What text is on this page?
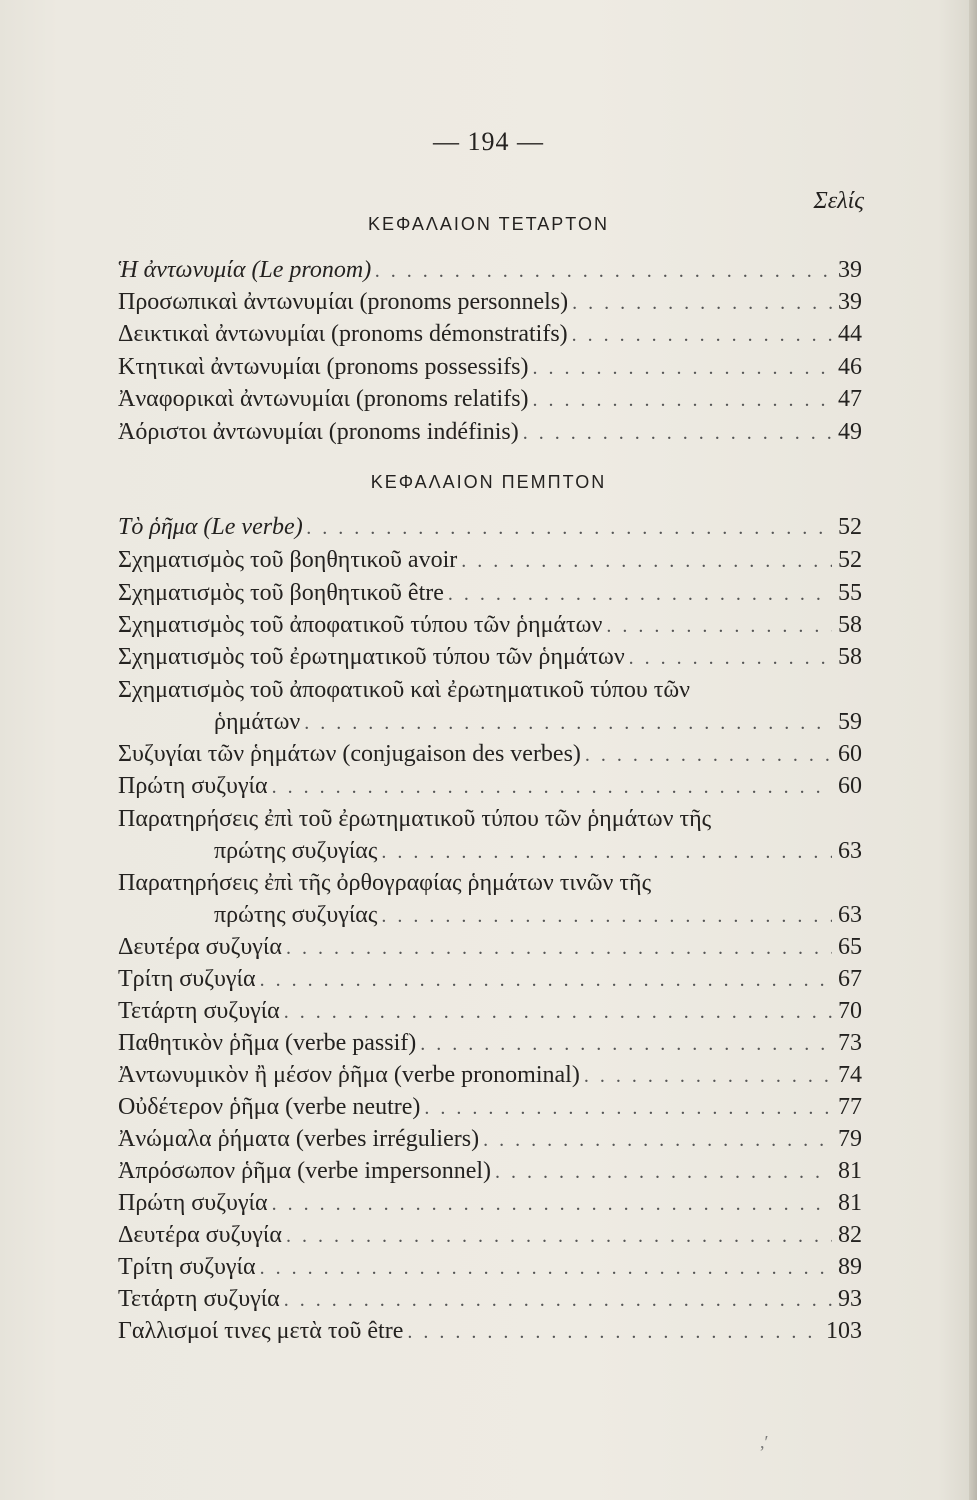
— 194 —
Σελίς
ΚΕΦΑΛΑΙΟΝ ΤΕΤΑΡΤΟΝ
Ἡ ἀντωνυμία (Le pronom) . . .	39
Προσωπικαὶ ἀντωνυμίαι (pronoms personnels) . . .	39
Δεικτικαὶ ἀντωνυμίαι (pronoms démonstratifs) . . .	44
Κτητικαὶ ἀντωνυμίαι (pronoms possessifs) . . .	46
Ἀναφορικαὶ ἀντωνυμίαι (pronoms relatifs) . . .	47
Ἀόριστοι ἀντωνυμίαι (pronoms indéfinis) . . .	49
ΚΕΦΑΛΑΙΟΝ ΠΕΜΠΤΟΝ
Τὸ ῥῆμα (Le verbe) . . .	52
Σχηματισμὸς τοῦ βοηθητικοῦ avoir . . .	52
Σχηματισμὸς τοῦ βοηθητικοῦ être . . .	55
Σχηματισμὸς τοῦ ἀποφατικοῦ τύπου τῶν ῥημάτων . . .	58
Σχηματισμὸς τοῦ ἐρωτηματικοῦ τύπου τῶν ῥημάτων . . .	58
Σχηματισμὸς τοῦ ἀποφατικοῦ καὶ ἐρωτηματικοῦ τύπου τῶν
ῥημάτων . . .	59
Συζυγίαι τῶν ῥημάτων (conjugaison des verbes) . . .	60
Πρώτη συζυγία . . .	60
Παρατηρήσεις ἐπὶ τοῦ ἐρωτηματικοῦ τύπου τῶν ῥημάτων τῆς
πρώτης συζυγίας . . .	63
Παρατηρήσεις ἐπὶ τῆς ὀρθογραφίας ῥημάτων τινῶν τῆς
πρώτης συζυγίας . . .	63
Δευτέρα συζυγία . . .	65
Τρίτη συζυγία . . .	67
Τετάρτη συζυγία . . .	70
Παθητικὸν ῥῆμα (verbe passif) . . .	73
Ἀντωνυμικὸν ἢ μέσον ῥῆμα (verbe pronominal) . . .	74
Οὐδέτερον ῥῆμα (verbe neutre) . . .	77
Ἀνώμαλα ῥήματα (verbes irréguliers) . . .	79
Ἀπρόσωπον ῥῆμα (verbe impersonnel) . . .	81
Πρώτη συζυγία . . .	81
Δευτέρα συζυγία . . .	82
Τρίτη συζυγία . . .	89
Τετάρτη συζυγία . . .	93
Γαλλισμοί τινες μετὰ τοῦ être . . .	103
,′
